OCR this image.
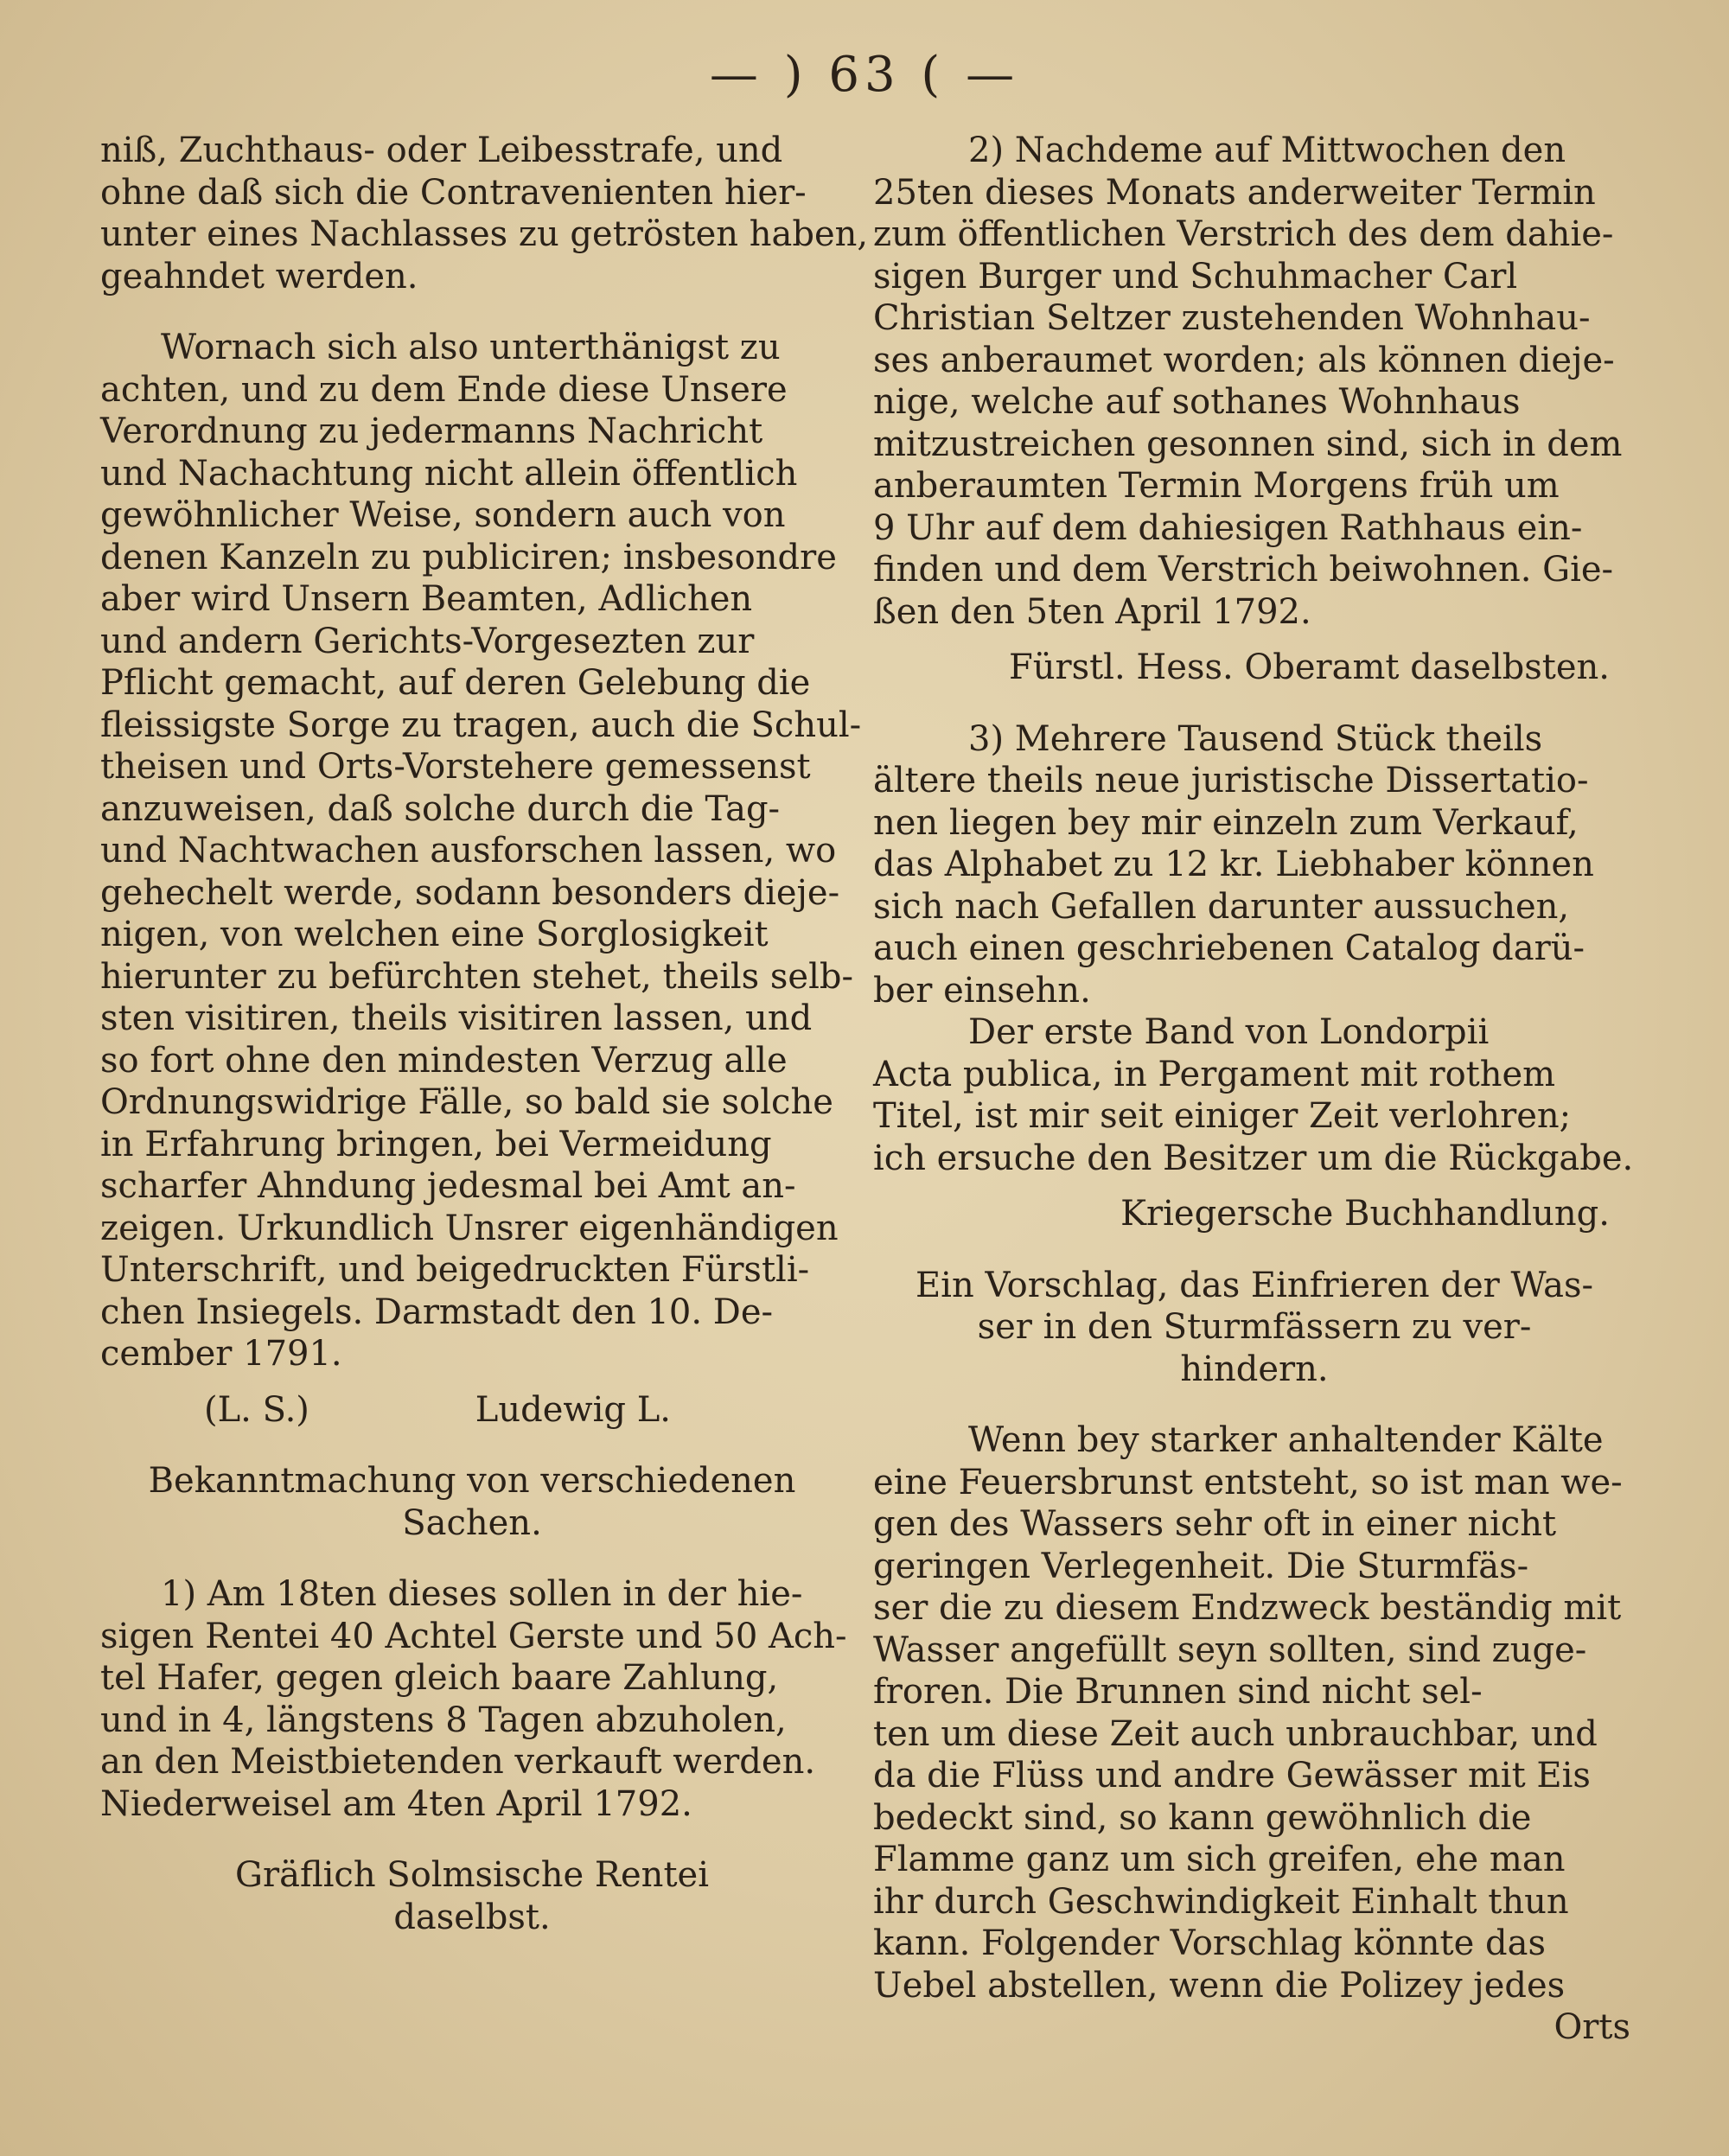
— ) 63 ( —

niß, Zuchthaus- oder Leibesstrafe, und

ohne daß sich die Contravenienten hier-

unter eines Nachlasses zu getrösten haben,

geahndet werden.

Wornach sich also unterthänigst zu

achten, und zu dem Ende diese Unsere

Verordnung zu jedermanns Nachricht

und Nachachtung nicht allein öffentlich

gewöhnlicher Weise, sondern auch von

denen Kanzeln zu publiciren; insbesondre

aber wird Unsern Beamten, Adlichen

und andern Gerichts-Vorgesezten zur

Pflicht gemacht, auf deren Gelebung die

fleissigste Sorge zu tragen, auch die Schul-

theisen und Orts-Vorstehere gemessenst

anzuweisen, daß solche durch die Tag-

und Nachtwachen ausforschen lassen, wo

gehechelt werde, sodann besonders dieje-

nigen, von welchen eine Sorglosigkeit

hierunter zu befürchten stehet, theils selb-

sten visitiren, theils visitiren lassen, und

so fort ohne den mindesten Verzug alle

Ordnungswidrige Fälle, so bald sie solche

in Erfahrung bringen, bei Vermeidung

scharfer Ahndung jedesmal bei Amt an-

zeigen. Urkundlich Unsrer eigenhändigen

Unterschrift, und beigedruckten Fürstli-

chen Insiegels. Darmstadt den 10. De-

cember 1791.

(L. S.)	Ludewig L.

Bekanntmachung von verschiedenen

Sachen.

1) Am 18ten dieses sollen in der hie-

sigen Rentei 40 Achtel Gerste und 50 Ach-

tel Hafer, gegen gleich baare Zahlung,

und in 4, längstens 8 Tagen abzuholen,

an den Meistbietenden verkauft werden.

Niederweisel am 4ten April 1792.

Gräflich Solmsische Rentei

daselbst.

2) Nachdeme auf Mittwochen den

25ten dieses Monats anderweiter Termin

zum öffentlichen Verstrich des dem dahie-

sigen Burger und Schuhmacher Carl

Christian Seltzer zustehenden Wohnhau-

ses anberaumet worden; als können dieje-

nige, welche auf sothanes Wohnhaus

mitzustreichen gesonnen sind, sich in dem

anberaumten Termin Morgens früh um

9 Uhr auf dem dahiesigen Rathhaus ein-

finden und dem Verstrich beiwohnen. Gie-

ßen den 5ten April 1792.

Fürstl. Hess. Oberamt daselbsten.

3) Mehrere Tausend Stück theils

ältere theils neue juristische Dissertatio-

nen liegen bey mir einzeln zum Verkauf,

das Alphabet zu 12 kr. Liebhaber können

sich nach Gefallen darunter aussuchen,

auch einen geschriebenen Catalog darü-

ber einsehn.

Der erste Band von Londorpii

Acta publica, in Pergament mit rothem

Titel, ist mir seit einiger Zeit verlohren;

ich ersuche den Besitzer um die Rückgabe.

Kriegersche Buchhandlung.

Ein Vorschlag, das Einfrieren der Was-

ser in den Sturmfässern zu ver-

hindern.

Wenn bey starker anhaltender Kälte

eine Feuersbrunst entsteht, so ist man we-

gen des Wassers sehr oft in einer nicht

geringen Verlegenheit. Die Sturmfäs-

ser die zu diesem Endzweck beständig mit

Wasser angefüllt seyn sollten, sind zuge-

froren. Die Brunnen sind nicht sel-

ten um diese Zeit auch unbrauchbar, und

da die Flüss und andre Gewässer mit Eis

bedeckt sind, so kann gewöhnlich die

Flamme ganz um sich greifen, ehe man

ihr durch Geschwindigkeit Einhalt thun

kann. Folgender Vorschlag könnte das

Uebel abstellen, wenn die Polizey jedes

Orts
